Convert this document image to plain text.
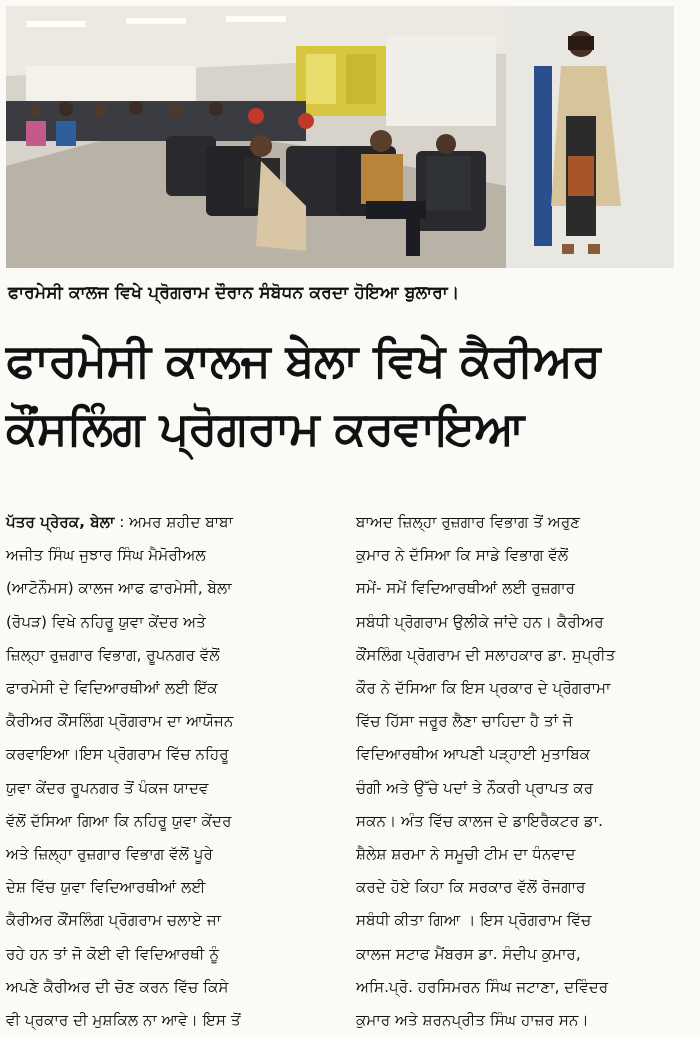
ਫਾਰਮੇਸੀ ਕਾਲਜ ਵਿਖੇ ਪ੍ਰੋਗਰਾਮ ਦੌਰਾਨ ਸੰਬੋਧਨ ਕਰਦਾ ਹੋਇਆ ਬੁਲਾਰਾ।
ਫਾਰਮੇਸੀ ਕਾਲਜ ਬੇਲਾ ਵਿਖੇ ਕੈਰੀਅਰ
ਕੌਂਸਲਿੰਗ ਪ੍ਰੋਗਰਾਮ ਕਰਵਾਇਆ
ਪੱਤਰ ਪ੍ਰੇਰਕ, ਬੇਲਾ : ਅਮਰ ਸ਼ਹੀਦ ਬਾਬਾ
ਅਜੀਤ ਸਿੰਘ ਜੁਝਾਰ ਸਿੰਘ ਮੈਮੋਰੀਅਲ
(ਆਟੋਨੌਮਸ) ਕਾਲਜ ਆਫ ਫਾਰਮੇਸੀ, ਬੇਲਾ
(ਰੋਪੜ) ਵਿਖੇ ਨਹਿਰੂ ਯੁਵਾ ਕੇਂਦਰ ਅਤੇ
ਜ਼ਿਲ੍ਹਾ ਰੁਜ਼ਗਾਰ ਵਿਭਾਗ, ਰੂਪਨਗਰ ਵੱਲੋਂ
ਫਾਰਮੇਸੀ ਦੇ ਵਿਦਿਆਰਥੀਆਂ ਲਈ ਇੱਕ
ਕੈਰੀਅਰ ਕੌਂਸਲਿੰਗ ਪ੍ਰੋਗਰਾਮ ਦਾ ਆਯੋਜਨ
ਕਰਵਾਇਆ।ਇਸ ਪ੍ਰੋਗਰਾਮ ਵਿੱਚ ਨਹਿਰੂ
ਯੁਵਾ ਕੇਂਦਰ ਰੂਪਨਗਰ ਤੋਂ ਪੰਕਜ ਯਾਦਵ
ਵੱਲੋਂ ਦੱਸਿਆ ਗਿਆ ਕਿ ਨਹਿਰੂ ਯੁਵਾ ਕੇਂਦਰ
ਅਤੇ ਜ਼ਿਲ੍ਹਾ ਰੁਜ਼ਗਾਰ ਵਿਭਾਗ ਵੱਲੋਂ ਪੂਰੇ
ਦੇਸ਼ ਵਿੱਚ ਯੁਵਾ ਵਿਦਿਆਰਥੀਆਂ ਲਈ
ਕੈਰੀਅਰ ਕੌਂਸਲਿੰਗ ਪ੍ਰੋਗਰਾਮ ਚਲਾਏ ਜਾ
ਰਹੇ ਹਨ ਤਾਂ ਜੋ ਕੋਈ ਵੀ ਵਿਦਿਆਰਥੀ ਨੂੰ
ਅਪਣੇ ਕੈਰੀਅਰ ਦੀ ਚੋਣ ਕਰਨ ਵਿੱਚ ਕਿਸੇ
ਵੀ ਪ੍ਰਕਾਰ ਦੀ ਮੁਸ਼ਕਿਲ ਨਾ ਆਵੇ। ਇਸ ਤੋਂ
ਬਾਅਦ ਜ਼ਿਲ੍ਹਾ ਰੁਜ਼ਗਾਰ ਵਿਭਾਗ ਤੋਂ ਅਰੁਣ
ਕੁਮਾਰ ਨੇ ਦੱਸਿਆ ਕਿ ਸਾਡੇ ਵਿਭਾਗ ਵੱਲੋਂ
ਸਮੇਂ- ਸਮੇਂ ਵਿਦਿਆਰਥੀਆਂ ਲਈ ਰੁਜ਼ਗਾਰ
ਸਬੰਧੀ ਪ੍ਰੋਗਰਾਮ ਉਲੀਕੇ ਜਾਂਦੇ ਹਨ। ਕੈਰੀਅਰ
ਕੌਂਸਲਿੰਗ ਪ੍ਰੋਗਰਾਮ ਦੀ ਸਲਾਹਕਾਰ ਡਾ. ਸੁਪ੍ਰੀਤ
ਕੌਰ ਨੇ ਦੱਸਿਆ ਕਿ ਇਸ ਪ੍ਰਕਾਰ ਦੇ ਪ੍ਰੋਗਰਾਮਾ
ਵਿੱਚ ਹਿੱਸਾ ਜਰੂਰ ਲੈਣਾ ਚਾਹਿਦਾ ਹੈ ਤਾਂ ਜੋ
ਵਿਦਿਆਰਥੀਅ ਆਪਣੀ ਪੜ੍ਹਾਈ ਮੁਤਾਬਿਕ
ਚੰਗੀ ਅਤੇ ਉੱਚੇ ਪਦਾਂ ਤੇ ਨੌਕਰੀ ਪ੍ਰਾਪਤ ਕਰ
ਸਕਨ। ਅੰਤ ਵਿੱਚ ਕਾਲਜ ਦੇ ਡਾਇਰੈਕਟਰ ਡਾ.
ਸ਼ੈਲੇਸ਼ ਸ਼ਰਮਾ ਨੇ ਸਮੂਚੀ ਟੀਮ ਦਾ ਧੰਨਵਾਦ
ਕਰਦੇ ਹੋਏ ਕਿਹਾ ਕਿ ਸਰਕਾਰ ਵੱਲੋਂ ਰੋਜਗਾਰ
ਸਬੰਧੀ ਕੀਤਾ ਗਿਆ । ਇਸ ਪ੍ਰੋਗਰਾਮ ਵਿੱਚ
ਕਾਲਜ ਸਟਾਫ ਮੈਂਬਰਸ ਡਾ. ਸੰਦੀਪ ਕੁਮਾਰ,
ਅਸਿ.ਪ੍ਰੋ. ਹਰਸਿਮਰਨ ਸਿੰਘ ਜਟਾਣਾ, ਦਵਿੰਦਰ
ਕੁਮਾਰ ਅਤੇ ਸ਼ਰਨਪ੍ਰੀਤ ਸਿੰਘ ਹਾਜ਼ਰ ਸਨ।
